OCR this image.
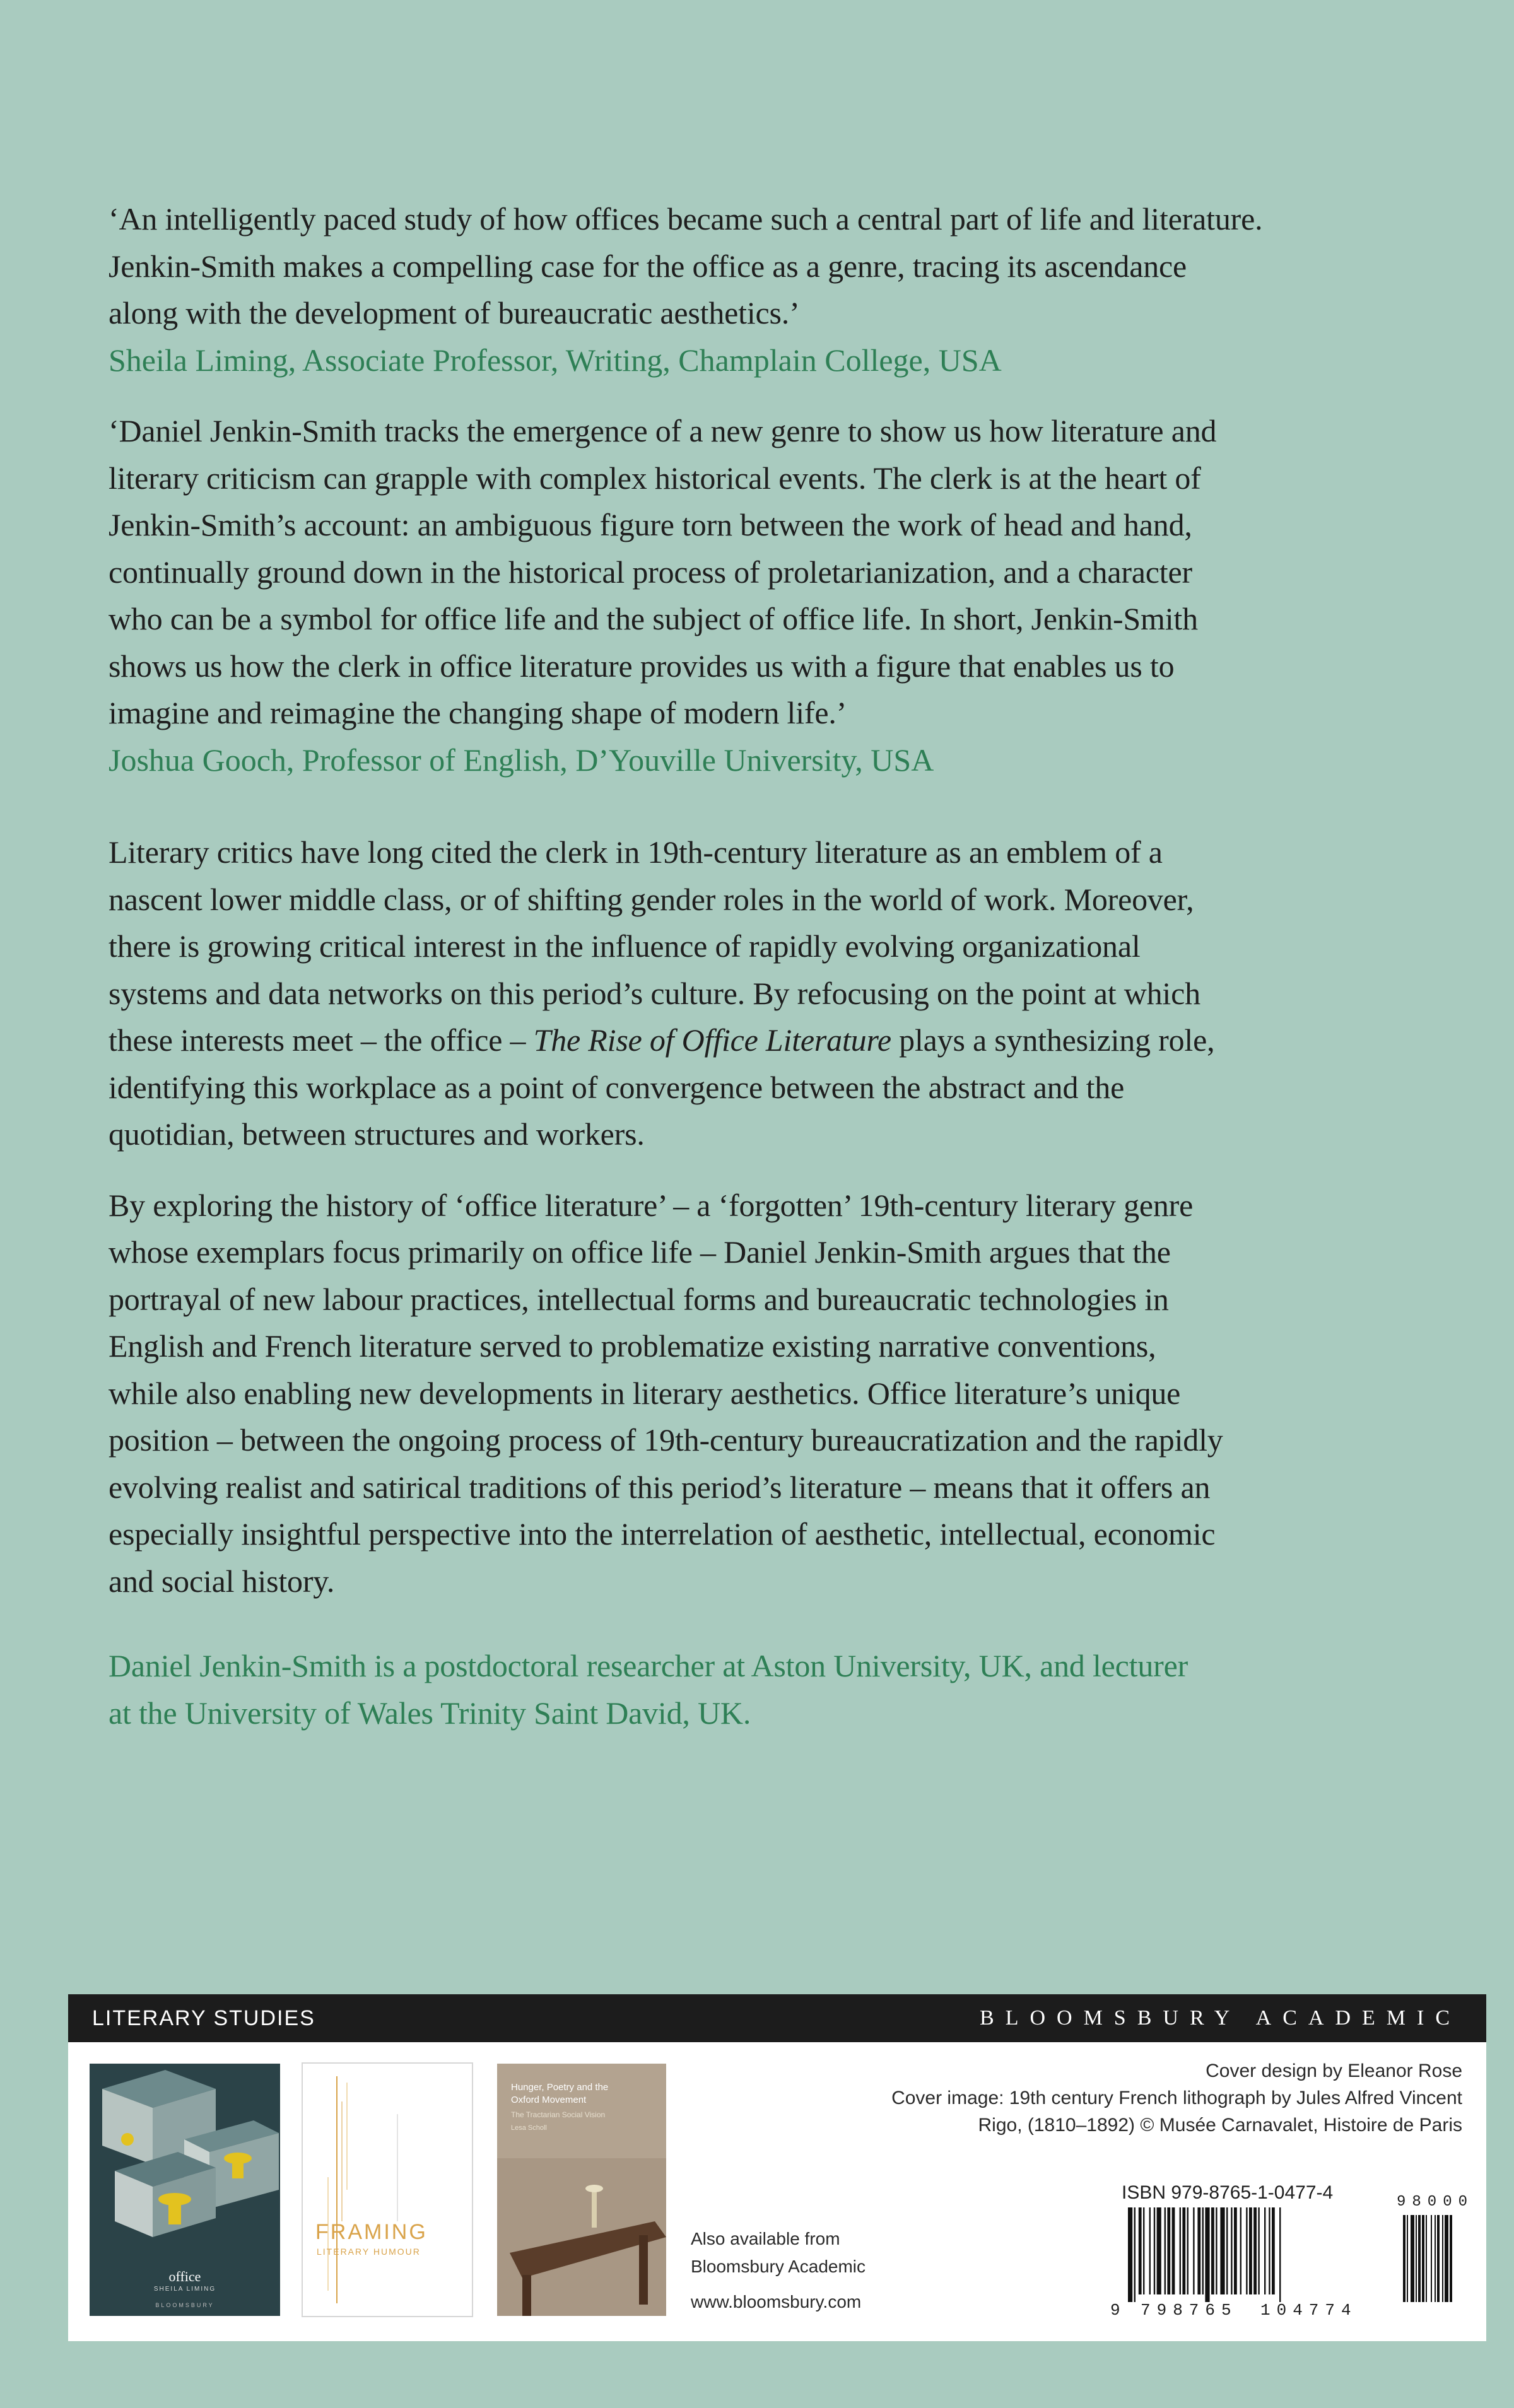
‘An intelligently paced study of how offices became such a central part of life and literature.

Jenkin-Smith makes a compelling case for the office as a genre, tracing its ascendance

along with the development of bureaucratic aesthetics.’

Sheila Liming, Associate Professor, Writing, Champlain College, USA

‘Daniel Jenkin-Smith tracks the emergence of a new genre to show us how literature and

literary criticism can grapple with complex historical events. The clerk is at the heart of

Jenkin-Smith’s account: an ambiguous figure torn between the work of head and hand,

continually ground down in the historical process of proletarianization, and a character

who can be a symbol for office life and the subject of office life. In short, Jenkin-Smith

shows us how the clerk in office literature provides us with a figure that enables us to

imagine and reimagine the changing shape of modern life.’

Joshua Gooch, Professor of English, D’Youville University, USA

Literary critics have long cited the clerk in 19th-century literature as an emblem of a

nascent lower middle class, or of shifting gender roles in the world of work. Moreover,

there is growing critical interest in the influence of rapidly evolving organizational

systems and data networks on this period’s culture. By refocusing on the point at which

these interests meet – the office – The Rise of Office Literature plays a synthesizing role,

identifying this workplace as a point of convergence between the abstract and the

quotidian, between structures and workers.

By exploring the history of ‘office literature’ – a ‘forgotten’ 19th-century literary genre

whose exemplars focus primarily on office life – Daniel Jenkin-Smith argues that the

portrayal of new labour practices, intellectual forms and bureaucratic technologies in

English and French literature served to problematize existing narrative conventions,

while also enabling new developments in literary aesthetics. Office literature’s unique

position – between the ongoing process of 19th-century bureaucratization and the rapidly

evolving realist and satirical traditions of this period’s literature – means that it offers an

especially insightful perspective into the interrelation of aesthetic, intellectual, economic

and social history.

Daniel Jenkin-Smith is a postdoctoral researcher at Aston University, UK, and lecturer

at the University of Wales Trinity Saint David, UK.

LITERARY STUDIES	BLOOMSBURY ACADEMIC
office
SHEILA LIMING
BLOOMSBURY
FRAMING
LITERARY HUMOUR
Hunger, Poetry and the
Oxford Movement
The Tractarian Social Vision
Lesa Scholl
Also available from
Bloomsbury Academic
www.bloomsbury.com
Cover design by Eleanor Rose
Cover image: 19th century French lithograph by Jules Alfred Vincent
Rigo, (1810–1892) © Musée Carnavalet, Histoire de Paris
ISBN 979-8765-1-0477-4	98000
9 798765 104774
